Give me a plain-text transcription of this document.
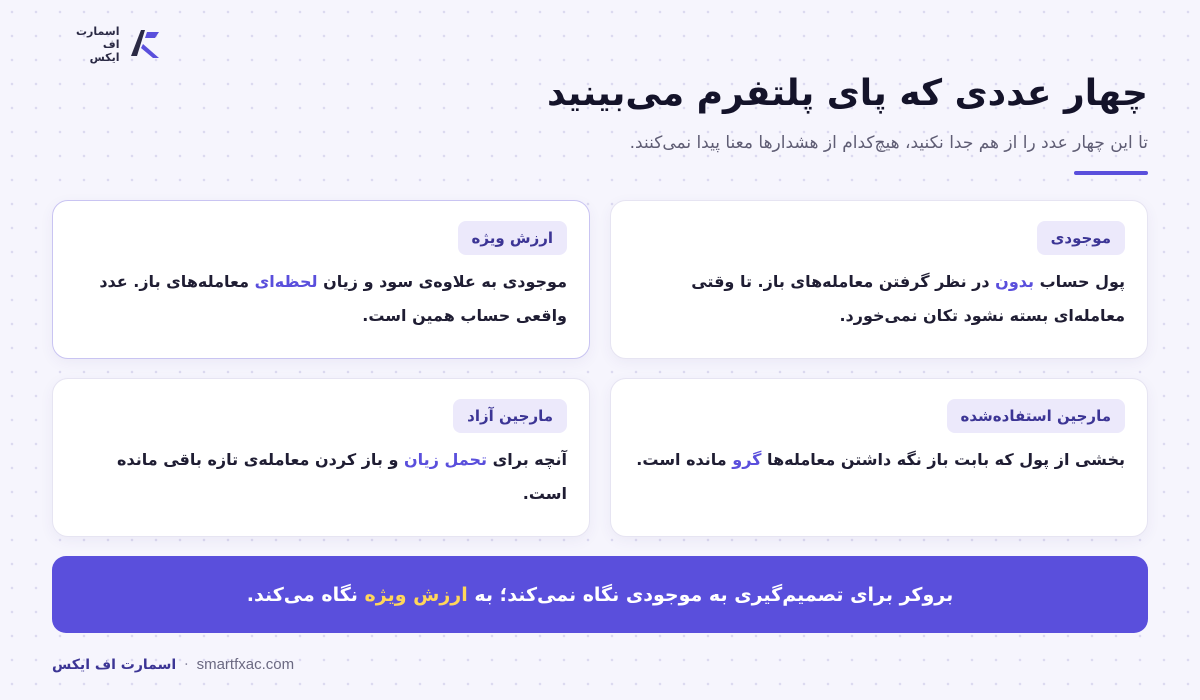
اسمارت
اف
ایکس
چهار عددی که پای پلتفرم می‌بینید

تا این چهار عدد را از هم جدا نکنید، هیچ‌کدام از هشدارها معنا پیدا نمی‌کنند.

موجودی

پول حساب بدون در نظر گرفتن معامله‌های باز. تا وقتی معامله‌ای بسته نشود تکان نمی‌خورد.

ارزش ویژه

موجودی به علاوه‌ی سود و زیان لحظه‌ای معامله‌های باز. عدد واقعی حساب همین است.

مارجین استفاده‌شده

بخشی از پول که بابت باز نگه داشتن معامله‌ها گرو مانده است.

مارجین آزاد

آنچه برای تحمل زیان و باز کردن معامله‌ی تازه باقی مانده است.

بروکر برای تصمیم‌گیری به موجودی نگاه نمی‌کند؛ به ارزش ویژه نگاه می‌کند.

اسمارت اف ایکس · smartfxac.com
